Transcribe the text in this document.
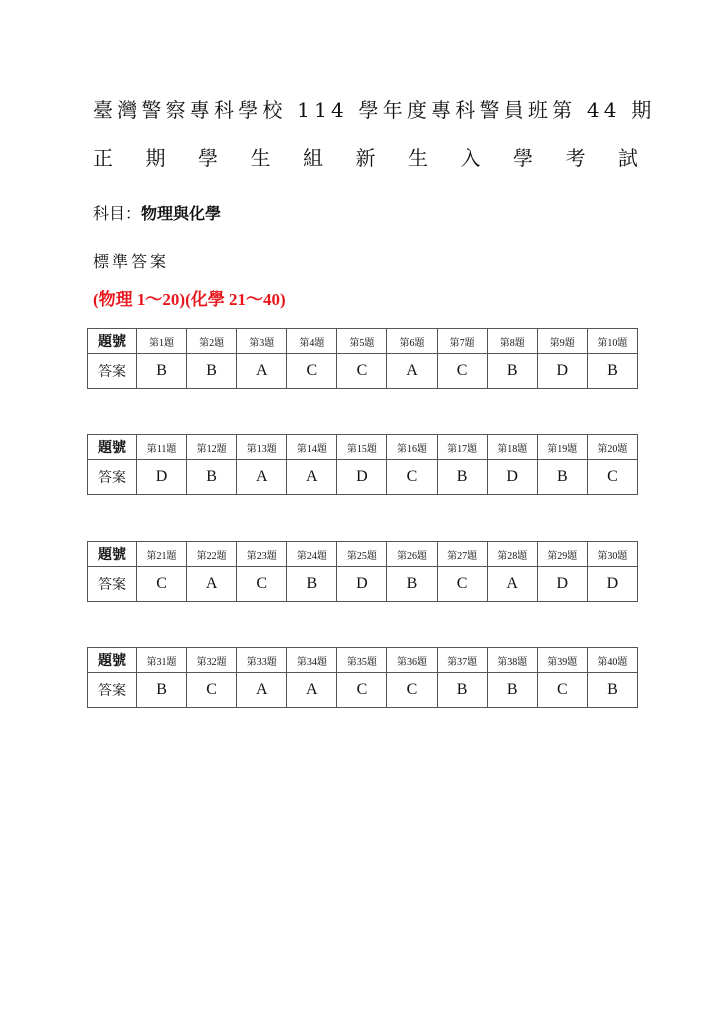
臺灣警察專科學校 114 學年度專科警員班第 44 期
正 期 學 生 組 新 生 入 學 考 試
科目：物理與化學
標準答案
(物理 1～20)(化學 21～40)
題號	第1題	第2題	第3題	第4題	第5題	第6題	第7題	第8題	第9題	第10題
答案	B	B	A	C	C	A	C	B	D	B
題號	第11題	第12題	第13題	第14題	第15題	第16題	第17題	第18題	第19題	第20題
答案	D	B	A	A	D	C	B	D	B	C
題號	第21題	第22題	第23題	第24題	第25題	第26題	第27題	第28題	第29題	第30題
答案	C	A	C	B	D	B	C	A	D	D
題號	第31題	第32題	第33題	第34題	第35題	第36題	第37題	第38題	第39題	第40題
答案	B	C	A	A	C	C	B	B	C	B
